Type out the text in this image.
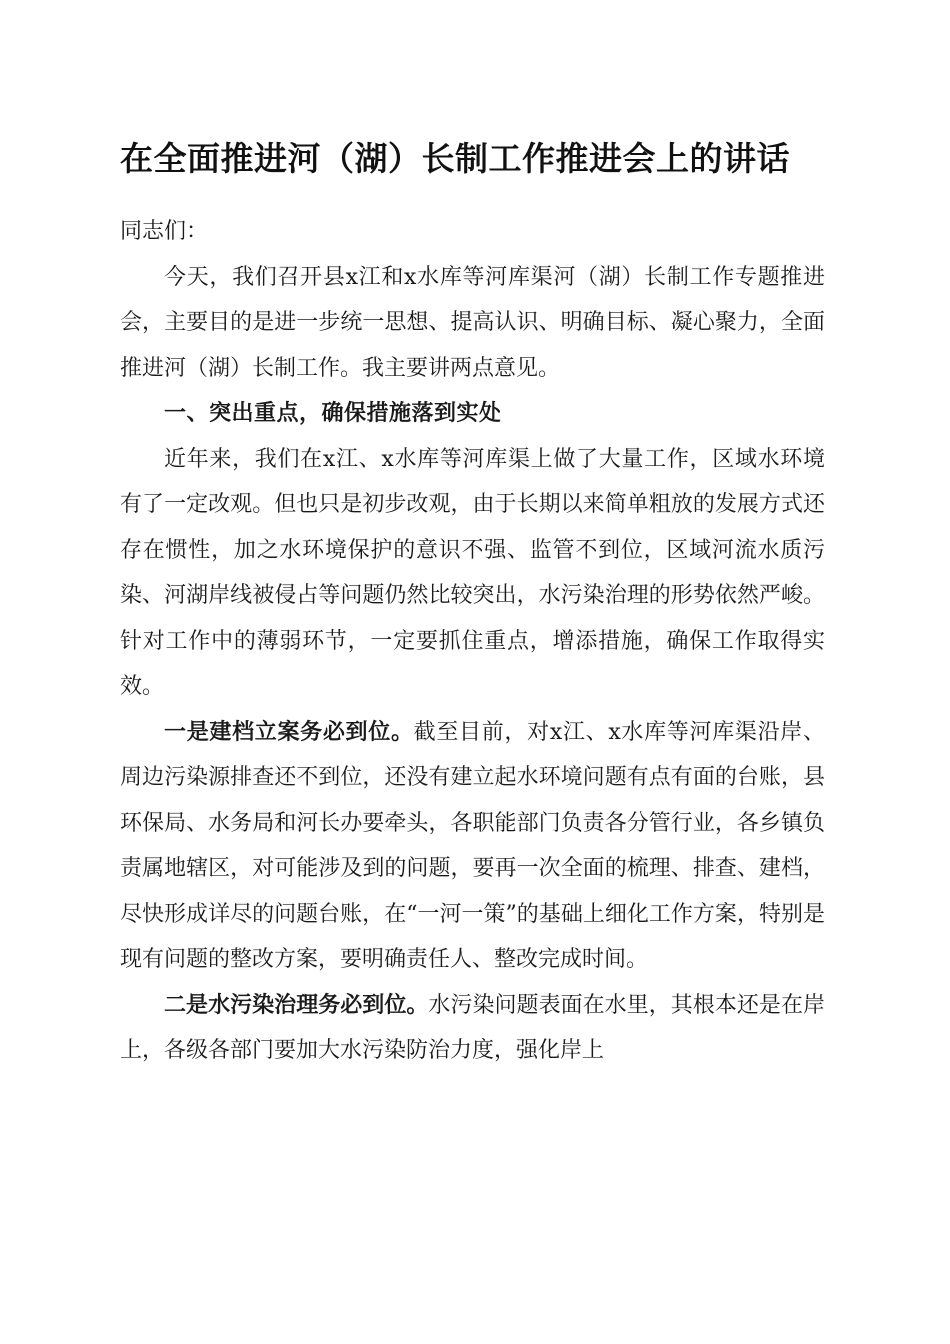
在全面推进河（湖）长制工作推进会上的讲话

同志们：

今天，我们召开县x江和x水库等河库渠河（湖）长制工作专题推进会，主要目的是进一步统一思想、提高认识、明确目标、凝心聚力，全面推进河（湖）长制工作。我主要讲两点意见。

一、突出重点，确保措施落到实处

近年来，我们在x江、x水库等河库渠上做了大量工作，区域水环境有了一定改观。但也只是初步改观，由于长期以来简单粗放的发展方式还存在惯性，加之水环境保护的意识不强、监管不到位，区域河流水质污染、河湖岸线被侵占等问题仍然比较突出，水污染治理的形势依然严峻。针对工作中的薄弱环节，一定要抓住重点，增添措施，确保工作取得实效。

一是建档立案务必到位。截至目前，对x江、x水库等河库渠沿岸、周边污染源排查还不到位，还没有建立起水环境问题有点有面的台账，县环保局、水务局和河长办要牵头，各职能部门负责各分管行业，各乡镇负责属地辖区，对可能涉及到的问题，要再一次全面的梳理、排查、建档，尽快形成详尽的问题台账，在“一河一策”的基础上细化工作方案，特别是现有问题的整改方案，要明确责任人、整改完成时间。

二是水污染治理务必到位。水污染问题表面在水里，其根本还是在岸上，各级各部门要加大水污染防治力度，强化岸上
